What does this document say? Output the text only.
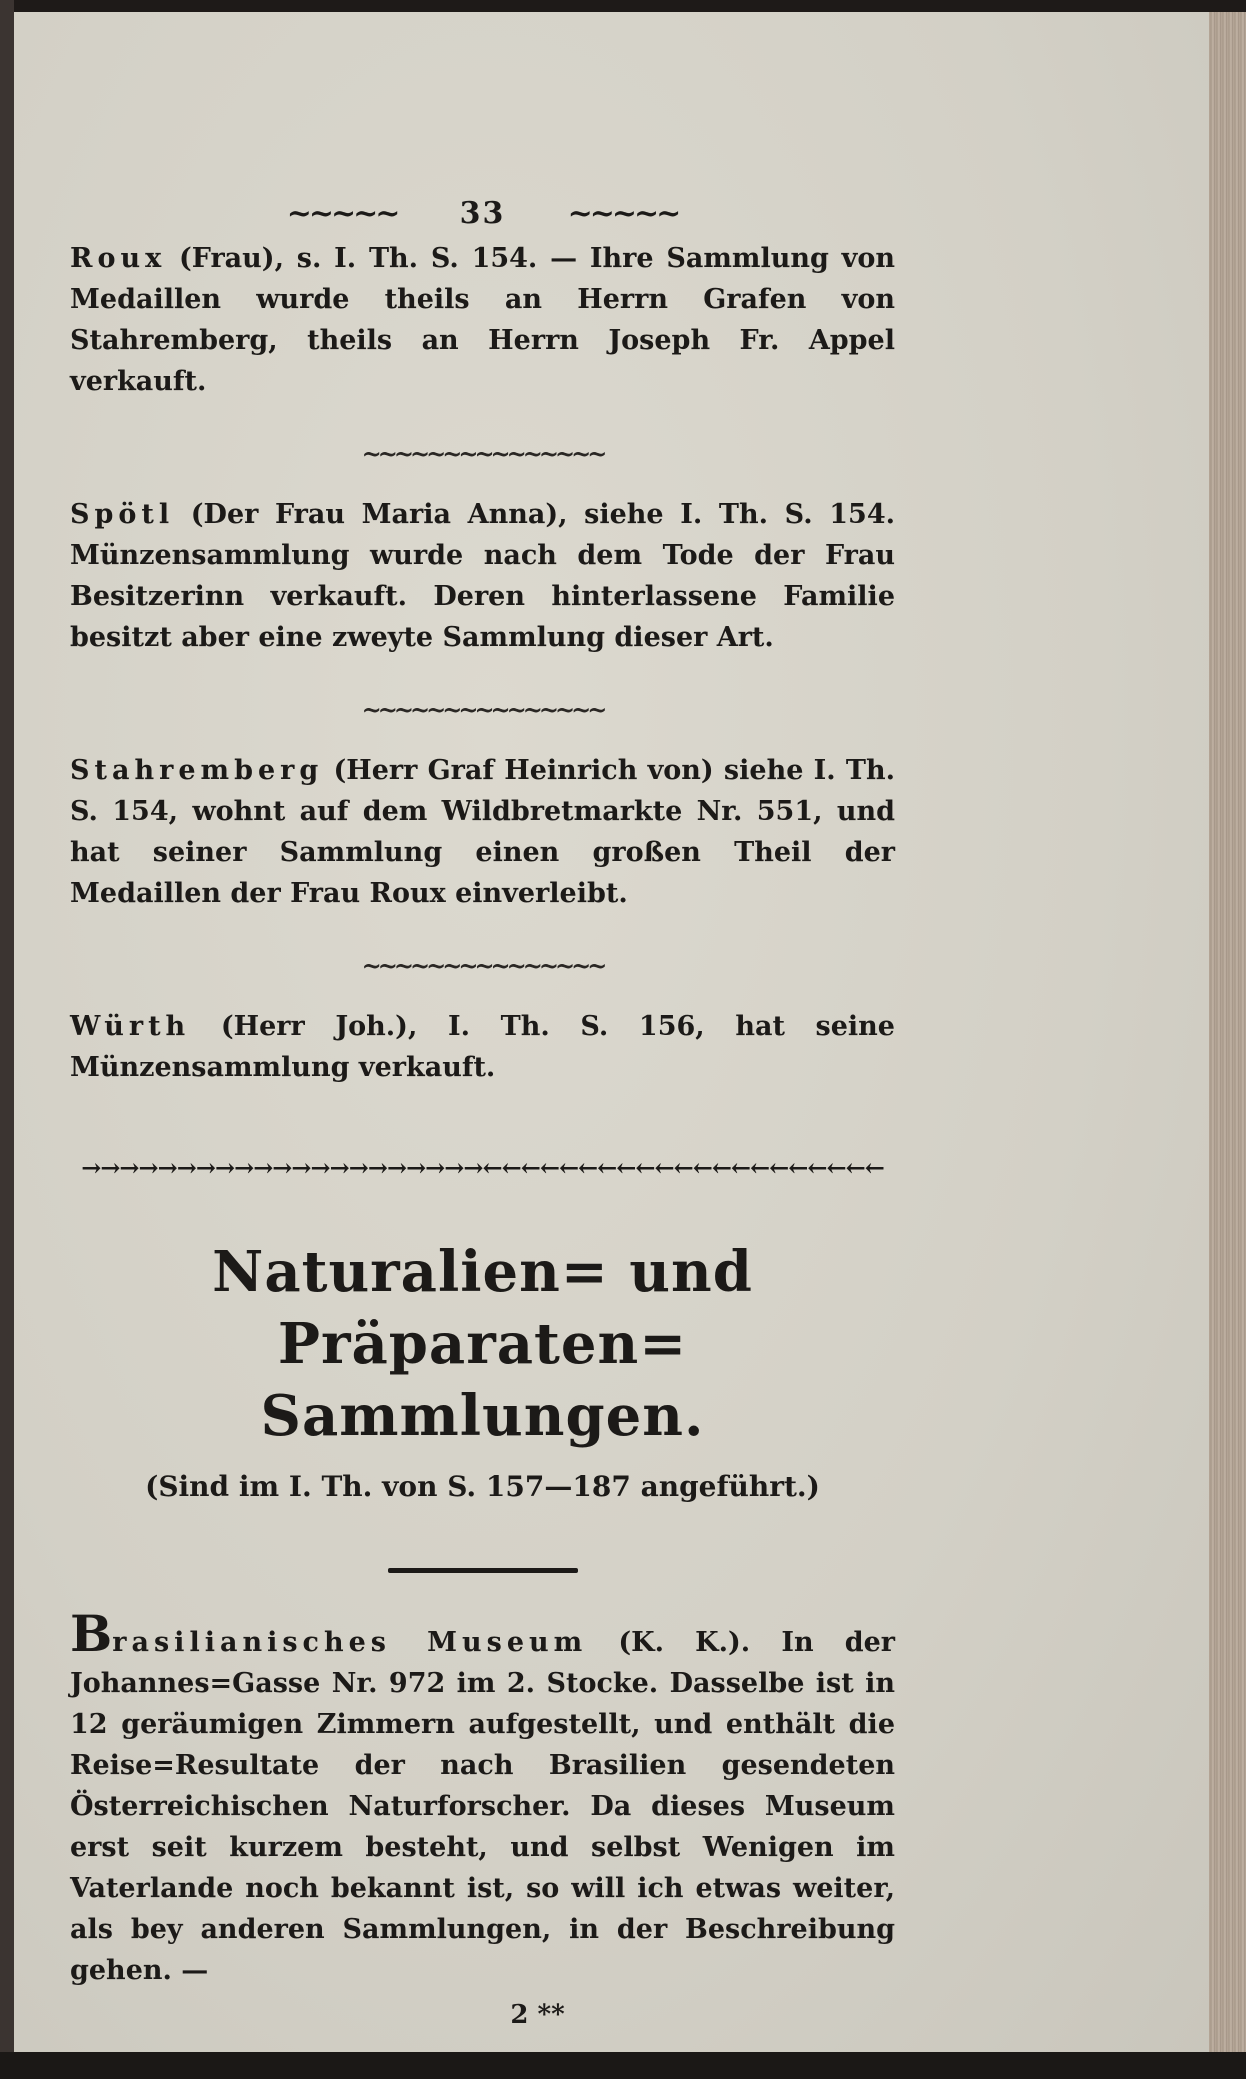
~~~~~ 33 ~~~~~

Roux (Frau), s. I. Th. S. 154. — Ihre Sammlung von Medaillen wurde theils an Herrn Grafen von Stahremberg, theils an Herrn Joseph Fr. Appel verkauft.

~~~~~~~~~~~~~~~

Spötl (Der Frau Maria Anna), siehe I. Th. S. 154. Münzensammlung wurde nach dem Tode der Frau Besitzerinn verkauft. Deren hinterlassene Familie besitzt aber eine zweyte Sammlung dieser Art.

~~~~~~~~~~~~~~~

Stahremberg (Herr Graf Heinrich von) siehe I. Th. S. 154, wohnt auf dem Wildbretmarkte Nr. 551, und hat seiner Sammlung einen großen Theil der Medaillen der Frau Roux einverleibt.

~~~~~~~~~~~~~~~

Würth (Herr Joh.), I. Th. S. 156, hat seine Münzensammlung verkauft.

→→→→→→→→→→→→→→→→→→→→→←←←←←←←←←←←←←←←←←←←←←
Naturalien= und Präparaten=
Sammlungen.
(Sind im I. Th. von S. 157—187 angeführt.)

Brasilianisches Museum (K. K.). In der Johannes=Gasse Nr. 972 im 2. Stocke. Dasselbe ist in 12 geräumigen Zimmern aufgestellt, und enthält die Reise=Resultate der nach Brasilien gesendeten Österreichischen Naturforscher. Da dieses Museum erst seit kurzem besteht, und selbst Wenigen im Vaterlande noch bekannt ist, so will ich etwas weiter, als bey anderen Sammlungen, in der Beschreibung gehen. —

2 **
